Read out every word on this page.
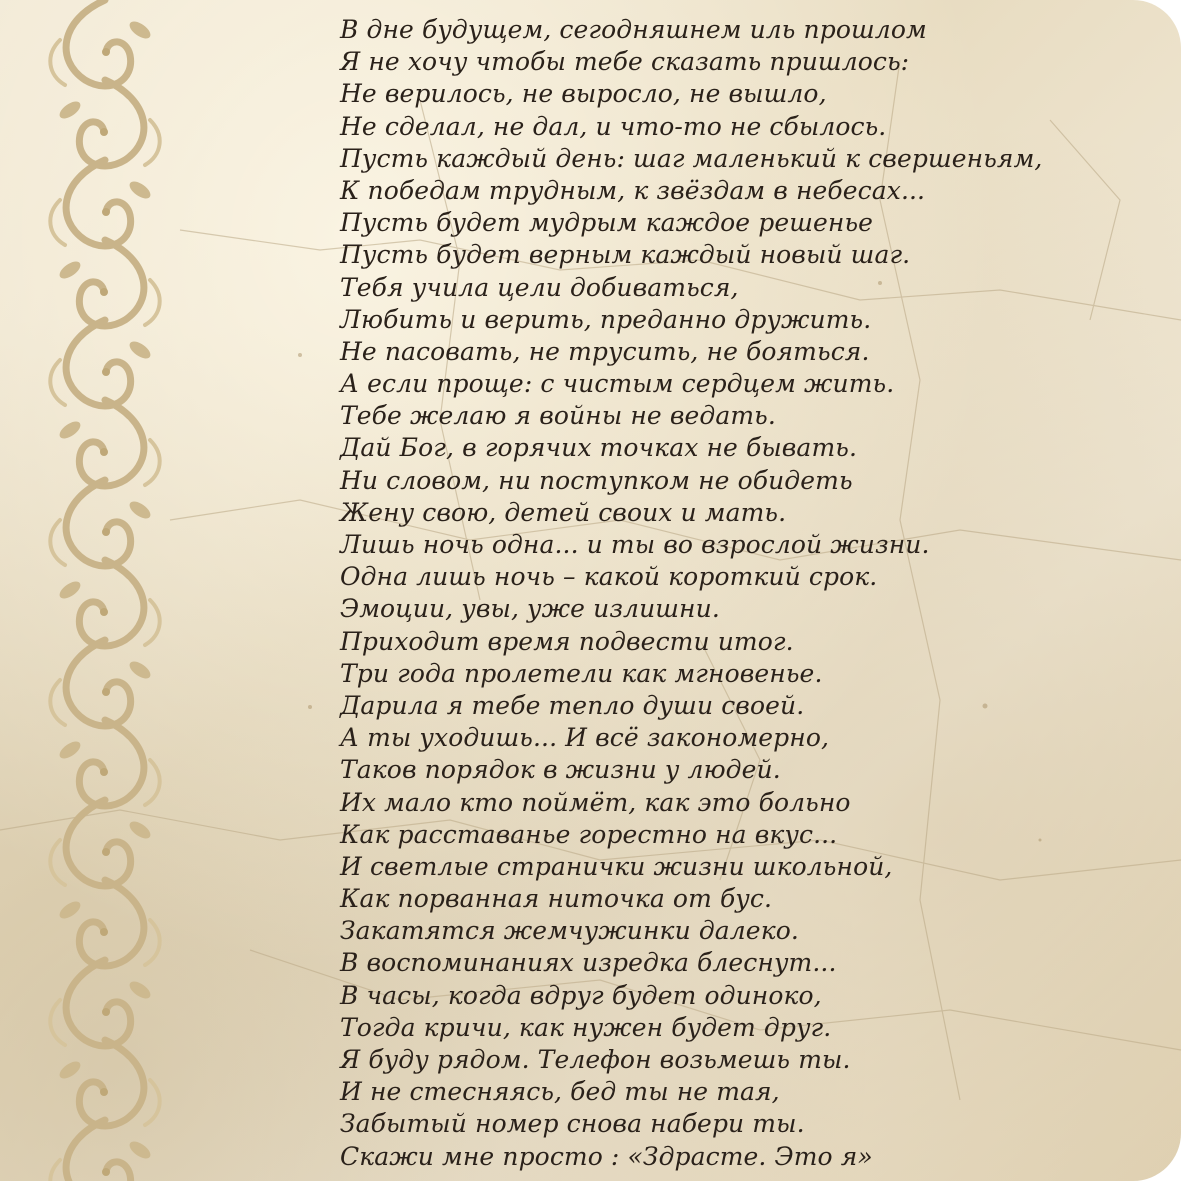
В дне будущем, сегодняшнем иль прошлом
Я не хочу чтобы тебе сказать пришлось:
Не верилось, не выросло, не вышло,
Не сделал, не дал, и что-то не сбылось.
Пусть каждый день: шаг маленький к свершеньям,
К победам трудным, к звёздам в небесах...
Пусть будет мудрым каждое решенье
Пусть будет верным каждый новый шаг.
Тебя учила цели добиваться,
Любить и верить, преданно дружить.
Не пасовать, не трусить, не бояться.
А если проще: с чистым сердцем жить.
Тебе желаю я войны не ведать.
Дай Бог, в горячих точках не бывать.
Ни словом, ни поступком не обидеть
Жену свою, детей своих и мать.
Лишь ночь одна... и ты во взрослой жизни.
Одна лишь ночь – какой короткий срок.
Эмоции, увы, уже излишни.
Приходит время подвести итог.
Три года пролетели как мгновенье.
Дарила я тебе тепло души своей.
А ты уходишь... И всё закономерно,
Таков порядок в жизни у людей.
Их мало кто поймёт, как это больно
Как расставанье горестно на вкус...
И светлые странички жизни школьной,
Как порванная ниточка от бус.
Закатятся жемчужинки далеко.
В воспоминаниях изредка блеснут...
В часы, когда вдруг будет одиноко,
Тогда кричи, как нужен будет друг.
Я буду рядом. Телефон возьмешь ты.
И не стесняясь, бед ты не тая,
Забытый номер снова набери ты.
Скажи мне просто : «Здрасте. Это я»
